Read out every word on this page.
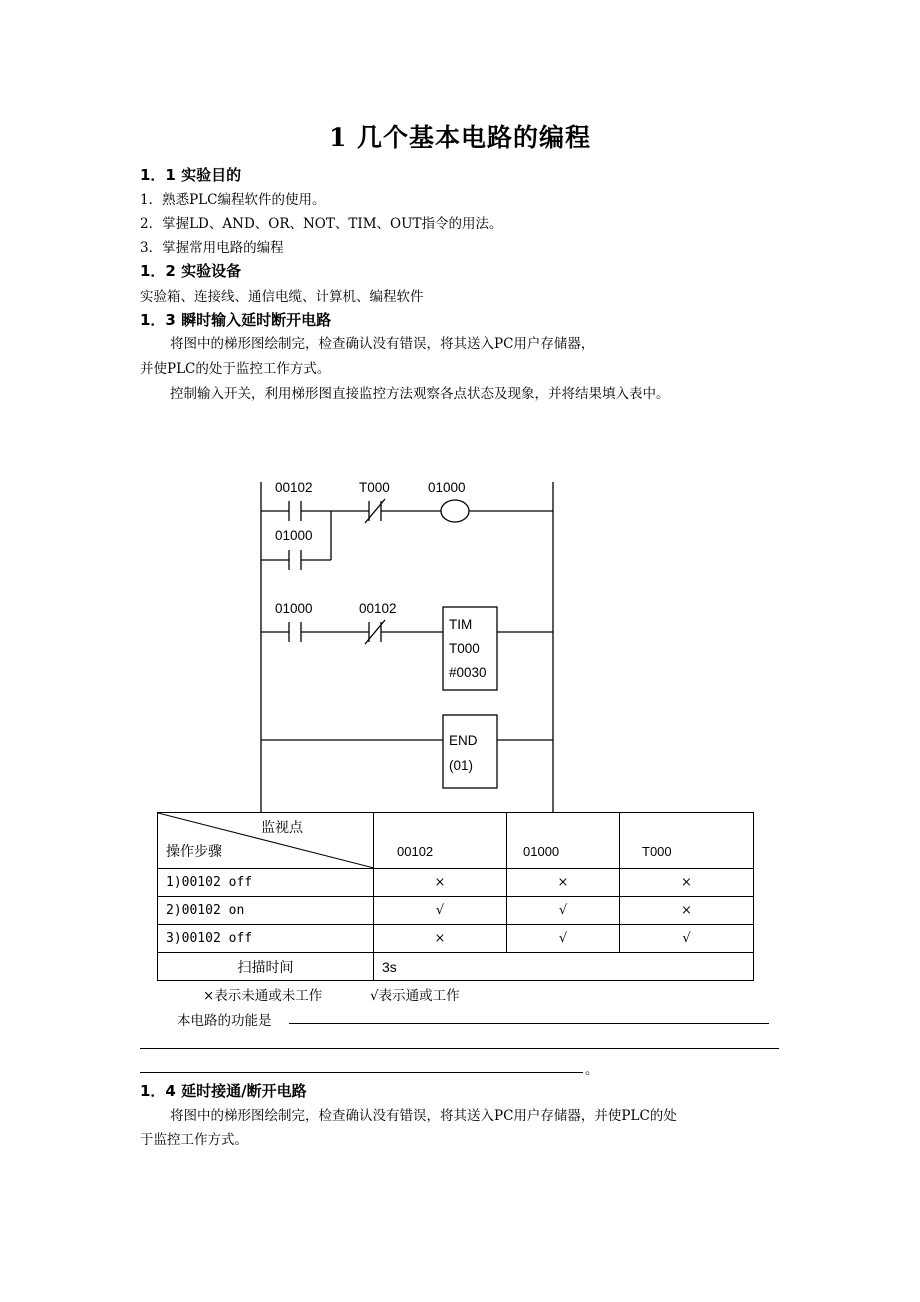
1 几个基本电路的编程
1．1 实验目的
1．熟悉PLC编程软件的使用。
2．掌握LD、AND、OR、NOT、TIM、OUT指令的用法。
3．掌握常用电路的编程
1．2 实验设备
实验箱、连接线、通信电缆、计算机、编程软件
1．3 瞬时输入延时断开电路
将图中的梯形图绘制完，检查确认没有错误，将其送入PC用户存储器，
并使PLC的处于监控工作方式。
控制输入开关，利用梯形图直接监控方法观察各点状态及现象，并将结果填入表中。
00102	T000	01000
01000
01000	00102
TIM
T000
#0030
END
(01)
监视点
操作步骤	00102	01000	T000
1)00102 off	×	×	×
2)00102 on	√	√	×
3)00102 off	×	√	√
扫描时间	3s		
×表示未通或未工作	√表示通或工作
本电路的功能是
。
1．4 延时接通/断开电路
将图中的梯形图绘制完，检查确认没有错误，将其送入PC用户存储器，并使PLC的处
于监控工作方式。
